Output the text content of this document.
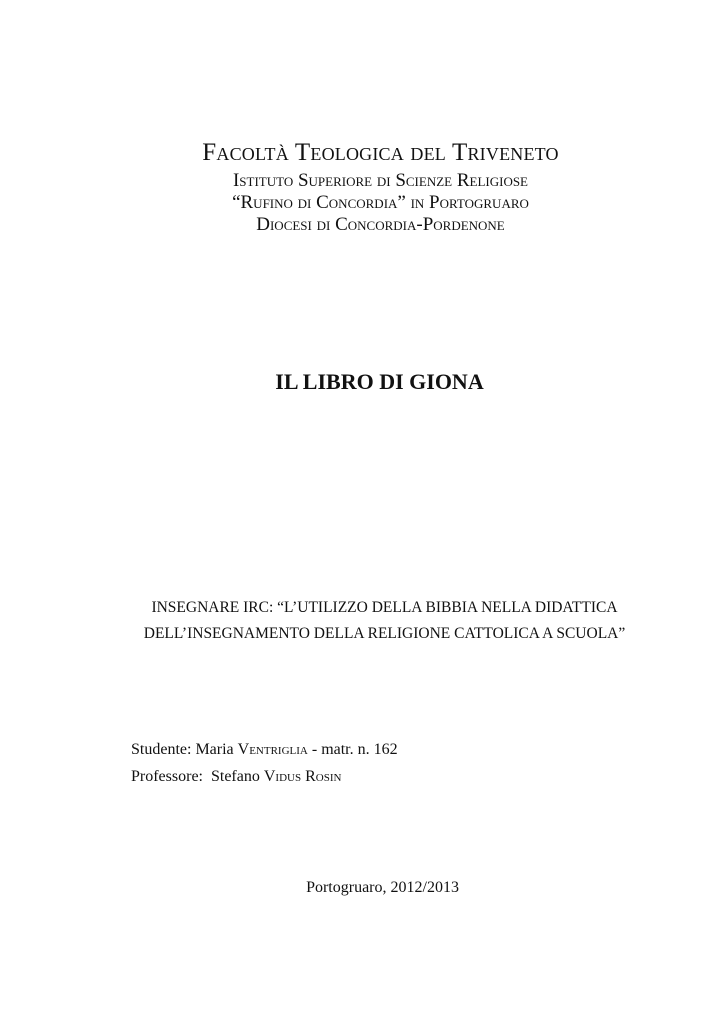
Facoltà Teologica del Triveneto
Istituto Superiore di Scienze Religiose
“Rufino di Concordia” in Portogruaro
Diocesi di Concordia-Pordenone
IL LIBRO DI GIONA
INSEGNARE IRC: “L’UTILIZZO DELLA BIBBIA NELLA DIDATTICA
DELL’INSEGNAMENTO DELLA RELIGIONE CATTOLICA A SCUOLA”
Studente: Maria Ventriglia - matr. n. 162
Professore: Stefano Vidus Rosin
Portogruaro, 2012/2013
